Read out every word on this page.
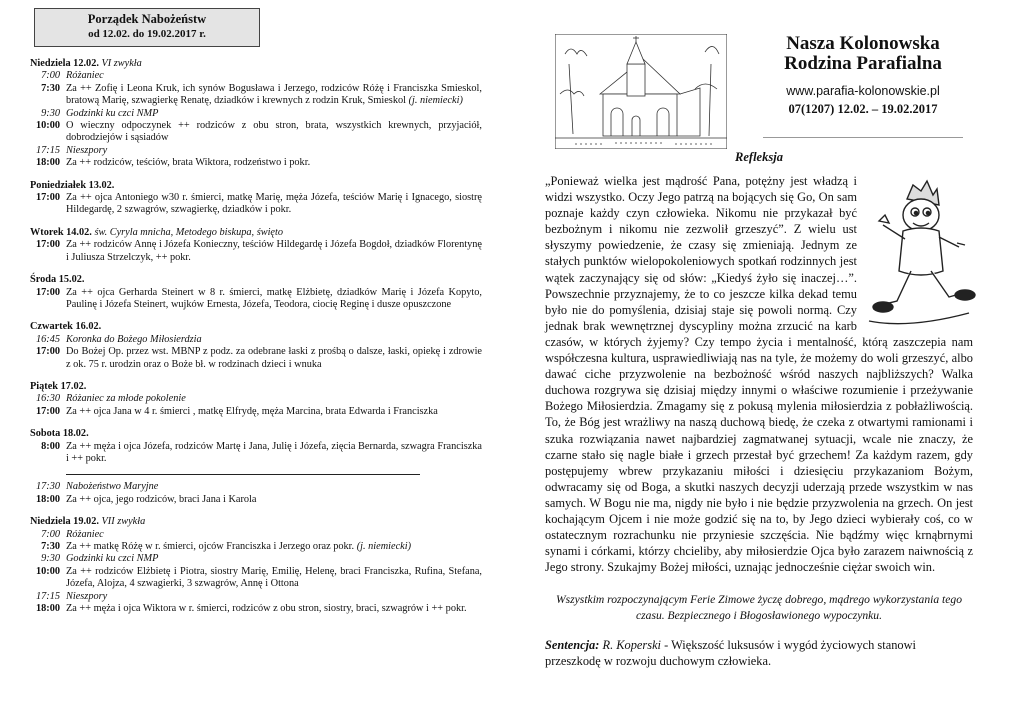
Porządek Nabożeństw
od 12.02. do 19.02.2017 r.
Niedziela 12.02. VI zwykła
7:00 Różaniec
7:30 Za ++ Zofię i Leona Kruk, ich synów Bogusława i Jerzego, rodziców Różę i Franciszka Smieskol, bratową Marię, szwagierkę Renatę, dziadków i krewnych z rodzin Kruk, Smieskol (j. niemiecki)
9:30 Godzinki ku czci NMP
10:00 O wieczny odpoczynek ++ rodziców z obu stron, brata, wszystkich krewnych, przyjaciół, dobrodziejów i sąsiadów
17:15 Nieszpory
18:00 Za ++ rodziców, teściów, brata Wiktora, rodzeństwo i pokr.
Poniedziałek 13.02.
17:00 Za ++ ojca Antoniego w30 r. śmierci, matkę Marię, męża Józefa, teściów Marię i Ignacego, siostrę Hildegardę, 2 szwagrów, szwagierkę, dziadków i pokr.
Wtorek 14.02. św. Cyryla mnicha, Metodego biskupa, święto
17:00 Za ++ rodziców Annę i Józefa Konieczny, teściów Hildegardę i Józefa Bogdoł, dziadków Florentynę i Juliusza Strzelczyk, ++ pokr.
Środa 15.02.
17:00 Za ++ ojca Gerharda Steinert w 8 r. śmierci, matkę Elżbietę, dziadków Marię i Józefa Kopyto, Paulinę i Józefa Steinert, wujków Ernesta, Józefa, Teodora, ciocię Reginę i dusze opuszczone
Czwartek 16.02.
16:45 Koronka do Bożego Miłosierdzia
17:00 Do Bożej Op. przez wst. MBNP z podz. za odebrane łaski z prośbą o dalsze, łaski, opiekę i zdrowie z ok. 75 r. urodzin oraz o Boże bł. w rodzinach dzieci i wnuka
Piątek 17.02.
16:30 Różaniec za młode pokolenie
17:00 Za ++ ojca Jana w 4 r. śmierci , matkę Elfrydę, męża Marcina, brata Edwarda i Franciszka
Sobota 18.02.
8:00 Za ++ męża i ojca Józefa, rodziców Martę i Jana, Julię i Józefa, zięcia Bernarda, szwagra Franciszka i ++ pokr.
17:30 Nabożeństwo Maryjne
18:00 Za ++ ojca, jego rodziców, braci Jana i Karola
Niedziela 19.02. VII zwykła
7:00 Różaniec
7:30 Za ++ matkę Różę w r. śmierci, ojców Franciszka i Jerzego oraz pokr. (j. niemiecki)
9:30 Godzinki ku czci NMP
10:00 Za ++ rodziców Elżbietę i Piotra, siostry Marię, Emilię, Helenę, braci Franciszka, Rufina, Stefana, Józefa, Alojza, 4 szwagierki, 3 szwagrów, Annę i Ottona
17:15 Nieszpory
18:00 Za ++ męża i ojca Wiktora w r. śmierci, rodziców z obu stron, siostry, braci, szwagrów i ++ pokr.
Nasza Kolonowska
Rodzina Parafialna
www.parafia-kolonowskie.pl
07(1207) 12.02. – 19.02.2017
Refleksja
„Ponieważ wielka jest mądrość Pana, potężny jest władzą i widzi wszystko. Oczy Jego patrzą na bojących się Go, On sam poznaje każdy czyn człowieka. Nikomu nie przykazał być bezbożnym i nikomu nie zezwolił grzeszyć”. Z wielu ust słyszymy powiedzenie, że czasy się zmieniają. Jednym ze stałych punktów wielopokoleniowych spotkań rodzinnych jest wątek zaczynający się od słów: „Kiedyś żyło się inaczej…”. Powszechnie przyznajemy, że to co jeszcze kilka dekad temu było nie do pomyślenia, dzisiaj staje się powoli normą. Czy jednak brak wewnętrznej dyscypliny można zrzucić na karb czasów, w których żyjemy? Czy tempo życia i mentalność, którą zaszczepia nam współczesna kultura, usprawiedliwiają nas na tyle, że możemy do woli grzeszyć, albo dawać ciche przyzwolenie na bezbożność wśród naszych najbliższych? Walka duchowa rozgrywa się dzisiaj między innymi o właściwe rozumienie i przeżywanie Bożego Miłosierdzia. Zmagamy się z pokusą mylenia miłosierdzia z pobłażliwością. To, że Bóg jest wrażliwy na naszą duchową biedę, że czeka z otwartymi ramionami i szuka rozwiązania nawet najbardziej zagmatwanej sytuacji, wcale nie znaczy, że czarne stało się nagle białe i grzech przestał być grzechem! Za każdym razem, gdy postępujemy wbrew przykazaniu miłości i dziesięciu przykazaniom Bożym, odwracamy się od Boga, a skutki naszych decyzji uderzają przede wszystkim w nas samych. W Bogu nie ma, nigdy nie było i nie będzie przyzwolenia na grzech. On jest kochającym Ojcem i nie może godzić się na to, by Jego dzieci wybierały coś, co w ostatecznym rozrachunku nie przyniesie szczęścia. Nie bądźmy więc krnąbrnymi synami i córkami, którzy chcieliby, aby miłosierdzie Ojca było zarazem naiwnością z Jego strony. Szukajmy Bożej miłości, uznając jednocześnie ciężar swoich win.
Wszystkim rozpoczynającym Ferie Zimowe życzę dobrego, mądrego wykorzystania tego czasu. Bezpiecznego i Błogosławionego wypoczynku.
Sentencja: R. Koperski - Większość luksusów i wygód życiowych stanowi przeszkodę w rozwoju duchowym człowieka.
